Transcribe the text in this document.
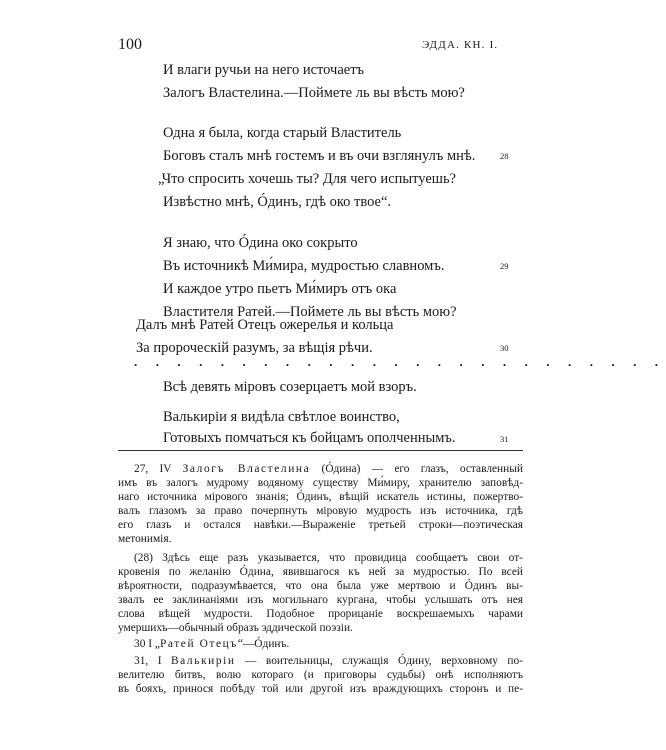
100	ЭДДА. КН. I.
И влаги ручьи на него источаетъ
Залогъ Властелина.—Поймете ль вы вѣсть мою?
Одна я была, когда старый Властитель
Боговъ сталъ мнѣ гостемъ и въ очи взглянулъ мнѣ.	28
„Что спросить хочешь ты? Для чего испытуешь?
Извѣстно мнѣ, Óдинъ, гдѣ око твое“.
Я знаю, что Óдина око сокрыто
Въ источникѣ Ми́мира, мудростью славномъ.	29
И каждое утро пьетъ Ми́миръ отъ ока
Властителя Ратей.—Поймете ль вы вѣсть мою?
Далъ мнѣ Ратей Отецъ ожерелья и кольца
За пророческій разумъ, за вѣщія рѣчи.	30
Всѣ девять міровъ созерцаетъ мой взоръ.
Валькиріи я видѣла свѣтлое воинство,
Готовыхъ помчаться къ бойцамъ ополченнымъ.	31
. . . . . . . . . . . . . . . . . . . . . . . . .
27, IV Залогъ Властелина (Óдина) — его глазъ, оставленный
имъ въ залогъ мудрому водяному существу Ми́миру, хранителю заповѣд-
наго источника мірового знанія; Óдинъ, вѣщій искатель истины, пожертво-
валъ глазомъ за право почерпнуть міровую мудрость изъ источника, гдѣ
его глазъ и остался навѣки.—Выраженіе третьей строки—поэтическая
метонимія.
(28) Здѣсь еще разъ указывается, что провидица сообщаетъ свои от-
кровенія по желанію Óдина, явившагося къ ней за мудростью. По всей
вѣроятности, подразумѣвается, что она была уже мертвою и Óдинъ вы-
звалъ ее заклинаніями изъ могильнаго кургана, чтобы услышать отъ нея
слова вѣщей мудрости. Подобное прорицаніе воскрешаемыхъ чарами
умершихъ—обычный образъ эддической поэзіи.
30 I „Ратей Отецъ“—Óдинъ.
31, I Валькиріи — воительницы, служащія Óдину, верховному по-
велителю битвъ, волю котораго (и приговоры судьбы) онѣ исполняютъ
въ бояхъ, принося побѣду той или другой изъ враждующихъ сторонъ и пе-
